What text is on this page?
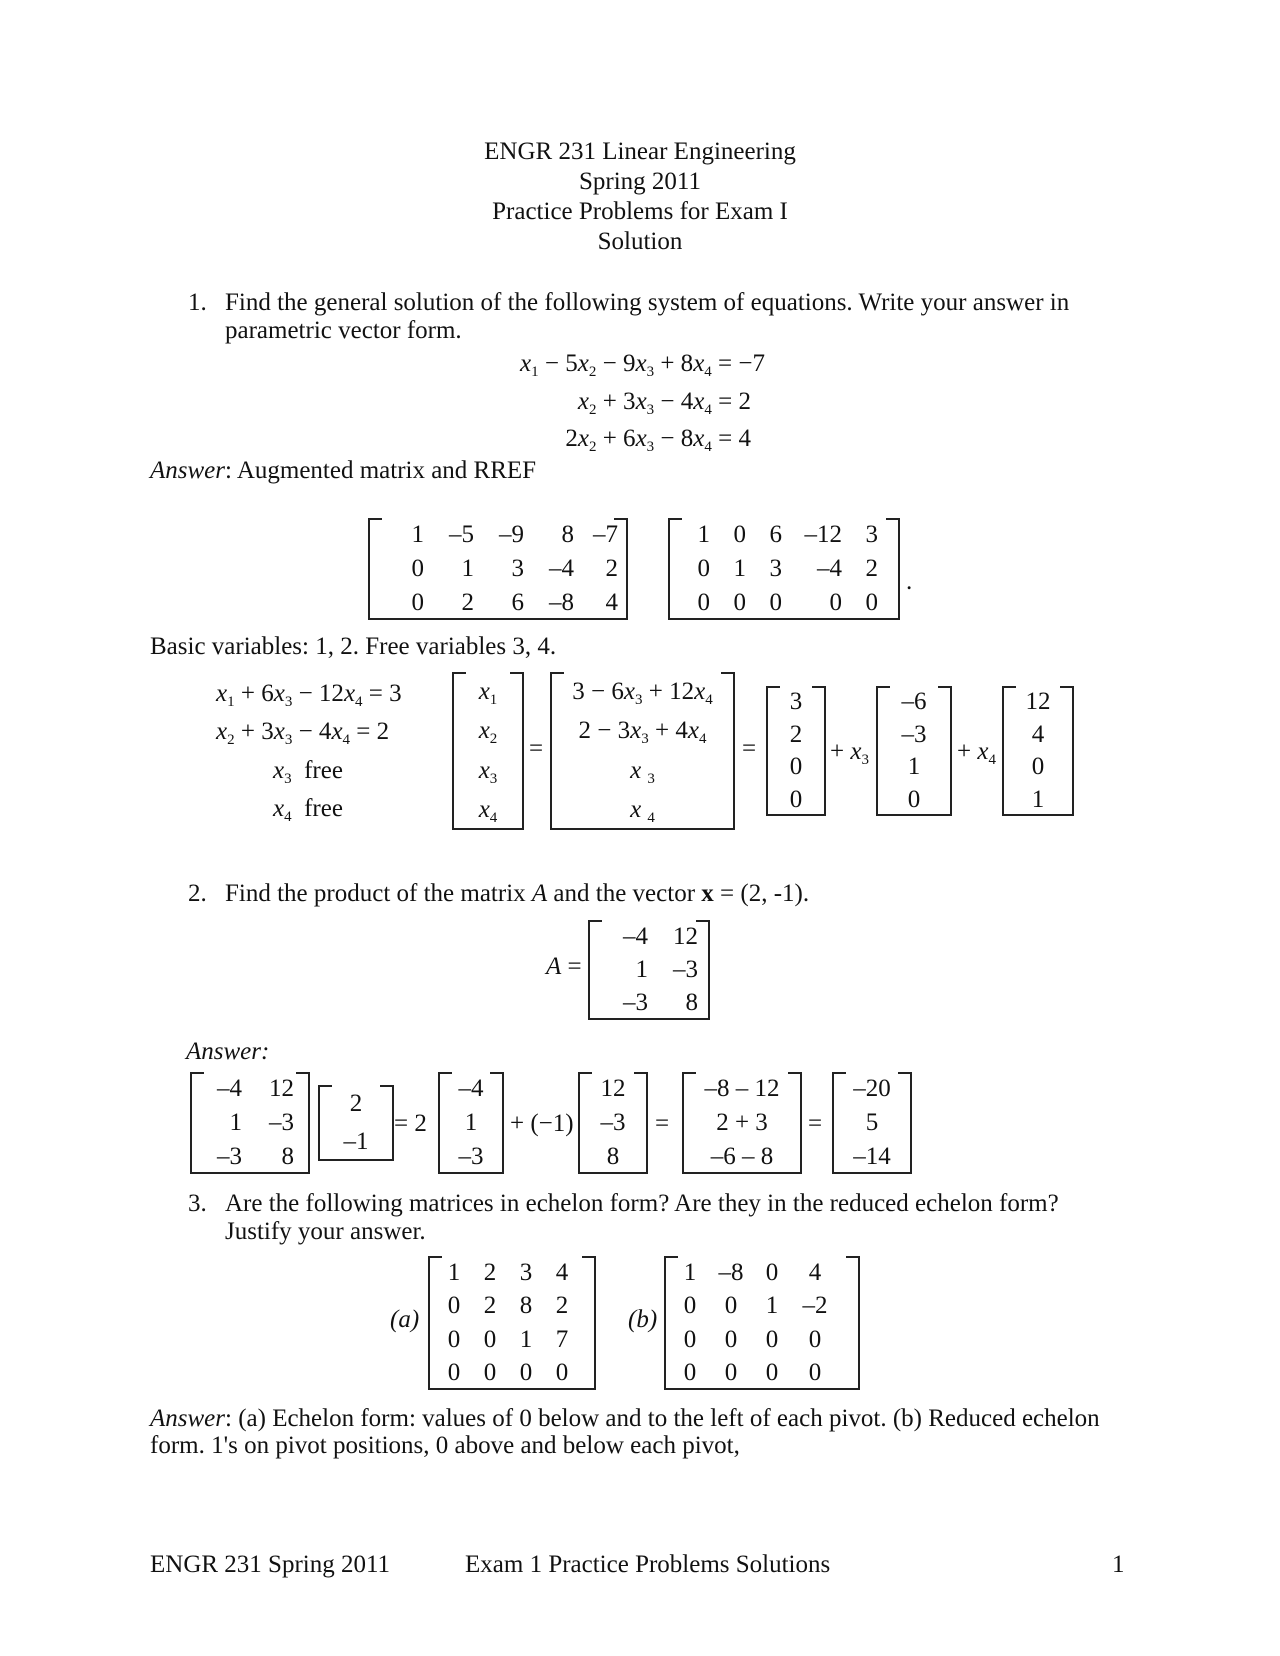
ENGR 231 Linear Engineering
Spring 2011
Practice Problems for Exam I
Solution
1. Find the general solution of the following system of equations. Write your answer in
parametric vector form.
$x_1 - 5x_2 - 9x_3 + 8x_4 = -7$
$x_2 + 3x_3 - 4x_4 = 2$
$2x_2 + 6x_3 - 8x_4 = 4$
Answer: Augmented matrix and RREF
1 –5 –9 8 –7
0 1 3 –4 2
0 2 6 –8 4
1 0 6 –12 3
0 1 3 –4 2
0 0 0 0 0
.
Basic variables: 1, 2. Free variables 3, 4.
$x_1 + 6x_3 - 12x_4 = 3$
$x_2 + 3x_3 - 4x_4 = 2$
$x_3$ free
$x_4$ free
$x_1$
$x_2$
$x_3$
$x_4$
=
$3 - 6x_3 + 12x_4$
$2 - 3x_3 + 4x_4$
x $_3$
x $_4$
=
3
2
0
0
+ $x_3$
–6
–3
1
0
+ $x_4$
12
4
0
1
2. Find the product of the matrix A and the vector x = (2, -1).
A =
–4 12
1 –3
–3 8
Answer:
–4 12
1 –3
–3 8
2
–1
= 2
–4
1
–3
+ (−1)
12
–3
8
=
–8 – 12
2 + 3
–6 – 8
=
–20
5
–14
3. Are the following matrices in echelon form? Are they in the reduced echelon form?
Justify your answer.
(a)
1 2 3 4
0 2 8 2
0 0 1 7
0 0 0 0
(b)
1 –8 0 4
0 0 1 –2
0 0 0 0
0 0 0 0
Answer: (a) Echelon form: values of 0 below and to the left of each pivot. (b) Reduced echelon
form. 1's on pivot positions, 0 above and below each pivot,
ENGR 231 Spring 2011	Exam 1 Practice Problems Solutions	1
